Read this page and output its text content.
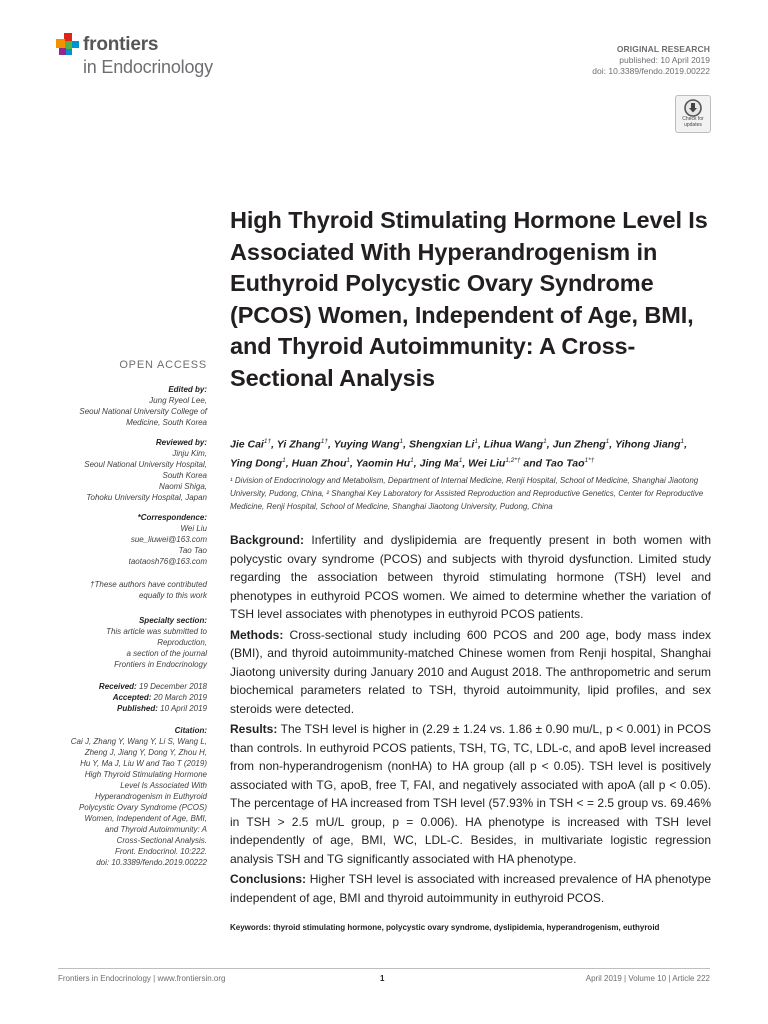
frontiers
in Endocrinology
ORIGINAL RESEARCH
published: 10 April 2019
doi: 10.3389/fendo.2019.00222
Check for updates
High Thyroid Stimulating Hormone Level Is Associated With Hyperandrogenism in Euthyroid Polycystic Ovary Syndrome (PCOS) Women, Independent of Age, BMI, and Thyroid Autoimmunity: A Cross-Sectional Analysis
Jie Cai$^{1\dagger}$, Yi Zhang$^{1\dagger}$, Yuying Wang$^1$, Shengxian Li$^1$, Lihua Wang$^1$, Jun Zheng$^1$, Yihong Jiang$^1$, Ying Dong$^1$, Huan Zhou$^1$, Yaomin Hu$^1$, Jing Ma$^1$, Wei Liu$^{1,2*\dagger}$ and Tao Tao$^{1*\dagger}$
¹ Division of Endocrinology and Metabolism, Department of Internal Medicine, Renji Hospital, School of Medicine, Shanghai Jiaotong University, Pudong, China, ² Shanghai Key Laboratory for Assisted Reproduction and Reproductive Genetics, Center for Reproductive Medicine, Renji Hospital, School of Medicine, Shanghai Jiaotong University, Pudong, China
OPEN ACCESS
Edited by:
Jung Ryeol Lee,
Seoul National University College of
Medicine, South Korea
Reviewed by:
Jinju Kim,
Seoul National University Hospital,
South Korea
Naomi Shiga,
Tohoku University Hospital, Japan
*Correspondence:
Wei Liu
sue_liuwei@163.com
Tao Tao
taotaosh76@163.com
†These authors have contributed
equally to this work
Specialty section:
This article was submitted to
Reproduction,
a section of the journal
Frontiers in Endocrinology
Received: 19 December 2018
Accepted: 20 March 2019
Published: 10 April 2019
Citation:
Cai J, Zhang Y, Wang Y, Li S, Wang L,
Zheng J, Jiang Y, Dong Y, Zhou H,
Hu Y, Ma J, Liu W and Tao T (2019)
High Thyroid Stimulating Hormone
Level Is Associated With
Hyperandrogenism in Euthyroid
Polycystic Ovary Syndrome (PCOS)
Women, Independent of Age, BMI,
and Thyroid Autoimmunity: A
Cross-Sectional Analysis.
Front. Endocrinol. 10:222.
doi: 10.3389/fendo.2019.00222

Background: Infertility and dyslipidemia are frequently present in both women with polycystic ovary syndrome (PCOS) and subjects with thyroid dysfunction. Limited study regarding the association between thyroid stimulating hormone (TSH) level and phenotypes in euthyroid PCOS women. We aimed to determine whether the variation of TSH level associates with phenotypes in euthyroid PCOS patients.

Methods: Cross-sectional study including 600 PCOS and 200 age, body mass index (BMI), and thyroid autoimmunity-matched Chinese women from Renji hospital, Shanghai Jiaotong university during January 2010 and August 2018. The anthropometric and serum biochemical parameters related to TSH, thyroid autoimmunity, lipid profiles, and sex steroids were detected.

Results: The TSH level is higher in (2.29 ± 1.24 vs. 1.86 ± 0.90 mu/L, p < 0.001) in PCOS than controls. In euthyroid PCOS patients, TSH, TG, TC, LDL-c, and apoB level increased from non-hyperandrogenism (nonHA) to HA group (all p < 0.05). TSH level is positively associated with TG, apoB, free T, FAI, and negatively associated with apoA (all p < 0.05). The percentage of HA increased from TSH level (57.93% in TSH < = 2.5 group vs. 69.46% in TSH > 2.5 mU/L group, p = 0.006). HA phenotype is increased with TSH level independently of age, BMI, WC, LDL-C. Besides, in multivariate logistic regression analysis TSH and TG significantly associated with HA phenotype.

Conclusions: Higher TSH level is associated with increased prevalence of HA phenotype independent of age, BMI and thyroid autoimmunity in euthyroid PCOS.

Keywords: thyroid stimulating hormone, polycystic ovary syndrome, dyslipidemia, hyperandrogenism, euthyroid
Frontiers in Endocrinology | www.frontiersin.org	1	April 2019 | Volume 10 | Article 222
